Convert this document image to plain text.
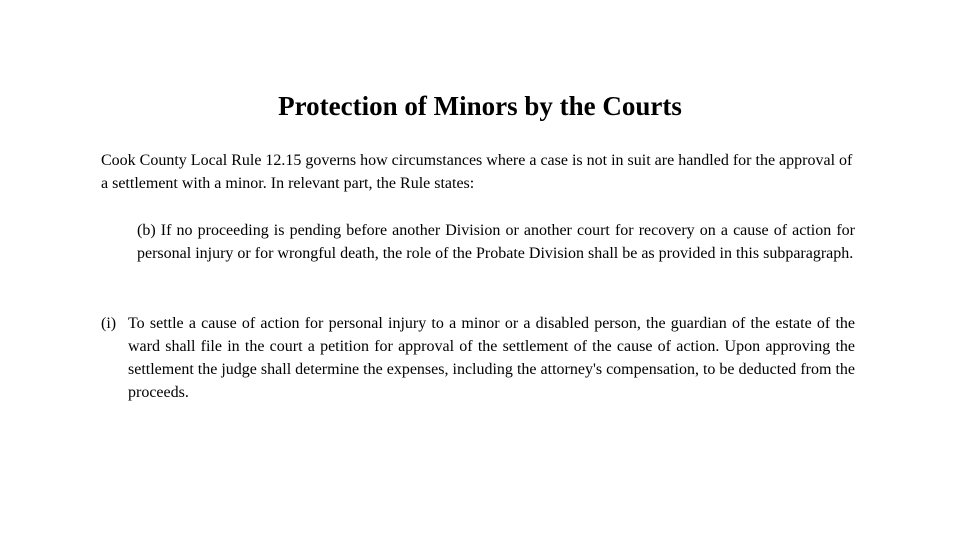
Protection of Minors by the Courts

Cook County Local Rule 12.15 governs how circumstances where a case is not in suit are handled for the approval of a settlement with a minor. In relevant part, the Rule states:

(b) If no proceeding is pending before another Division or another court for recovery on a cause of action for personal injury or for wrongful death, the role of the Probate Division shall be as provided in this subparagraph.

(i) To settle a cause of action for personal injury to a minor or a disabled person, the guardian of the estate of the ward shall file in the court a petition for approval of the settlement of the cause of action. Upon approving the settlement the judge shall determine the expenses, including the attorney's compensation, to be deducted from the proceeds.
